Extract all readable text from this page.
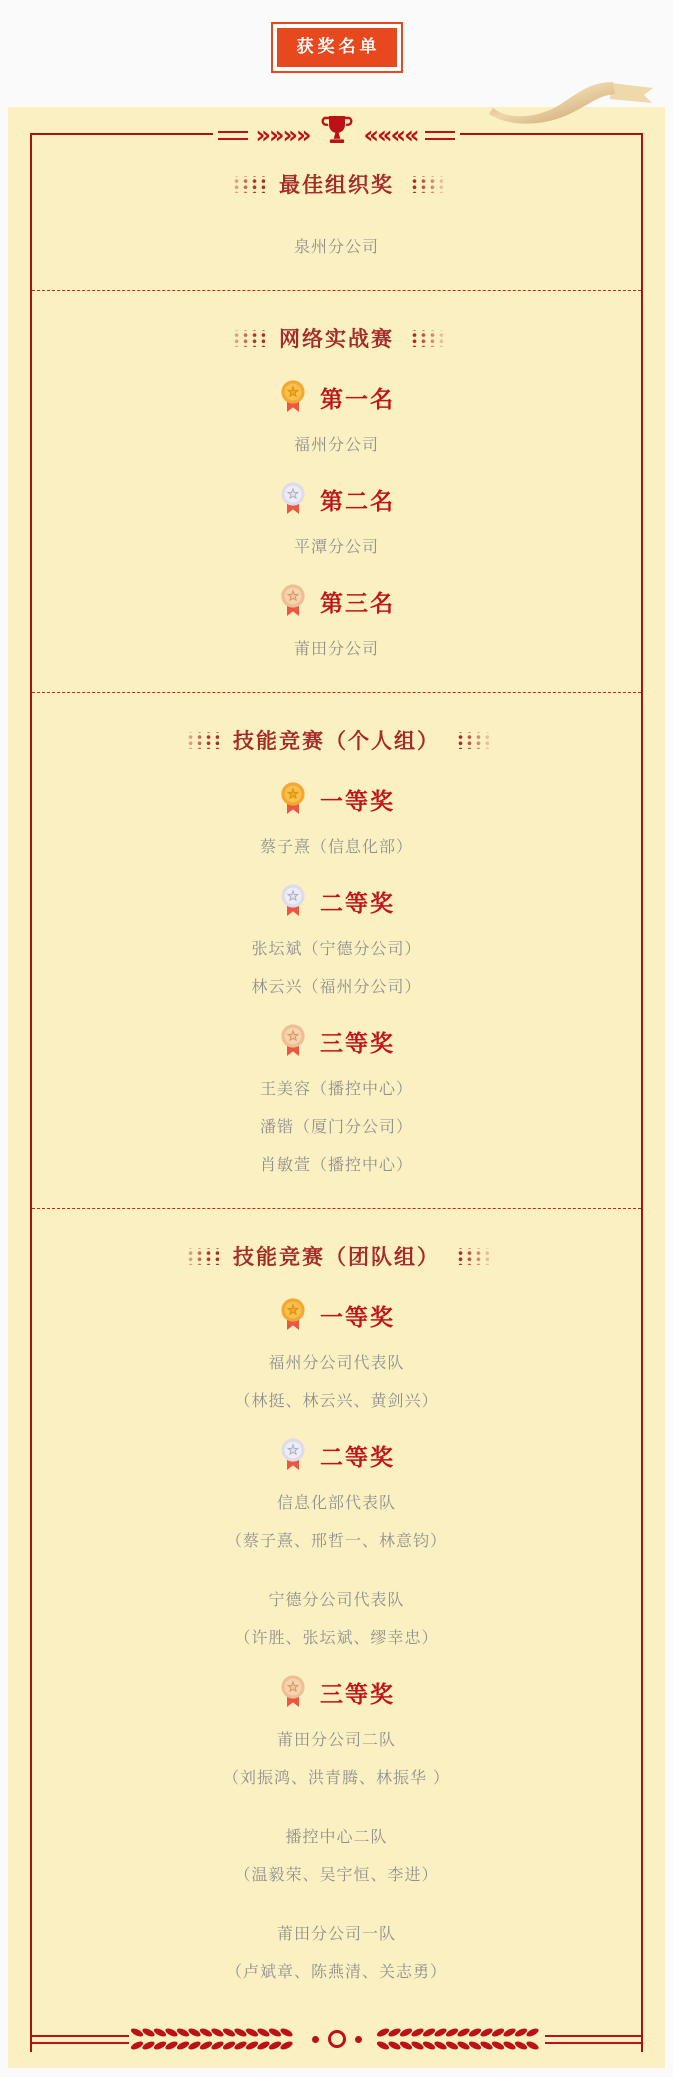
获奖名单
»»»» ««««
最佳组织奖
泉州分公司
网络实战赛
第一名
福州分公司
第二名
平潭分公司
第三名
莆田分公司
技能竞赛（个人组）
一等奖
蔡子熹（信息化部）
二等奖
张坛斌（宁德分公司）
林云兴（福州分公司）
三等奖
王美容（播控中心）
潘锴（厦门分公司）
肖敏萱（播控中心）
技能竞赛（团队组）
一等奖
福州分公司代表队
（林挺、林云兴、黄剑兴）
二等奖
信息化部代表队
（蔡子熹、邢哲一、林意钧）
宁德分公司代表队
（许胜、张坛斌、缪幸忠）
三等奖
莆田分公司二队
（刘振鸿、洪青腾、林振华 ）
播控中心二队
（温毅荣、吴宇恒、李进）
莆田分公司一队
（卢斌章、陈燕清、关志勇）
